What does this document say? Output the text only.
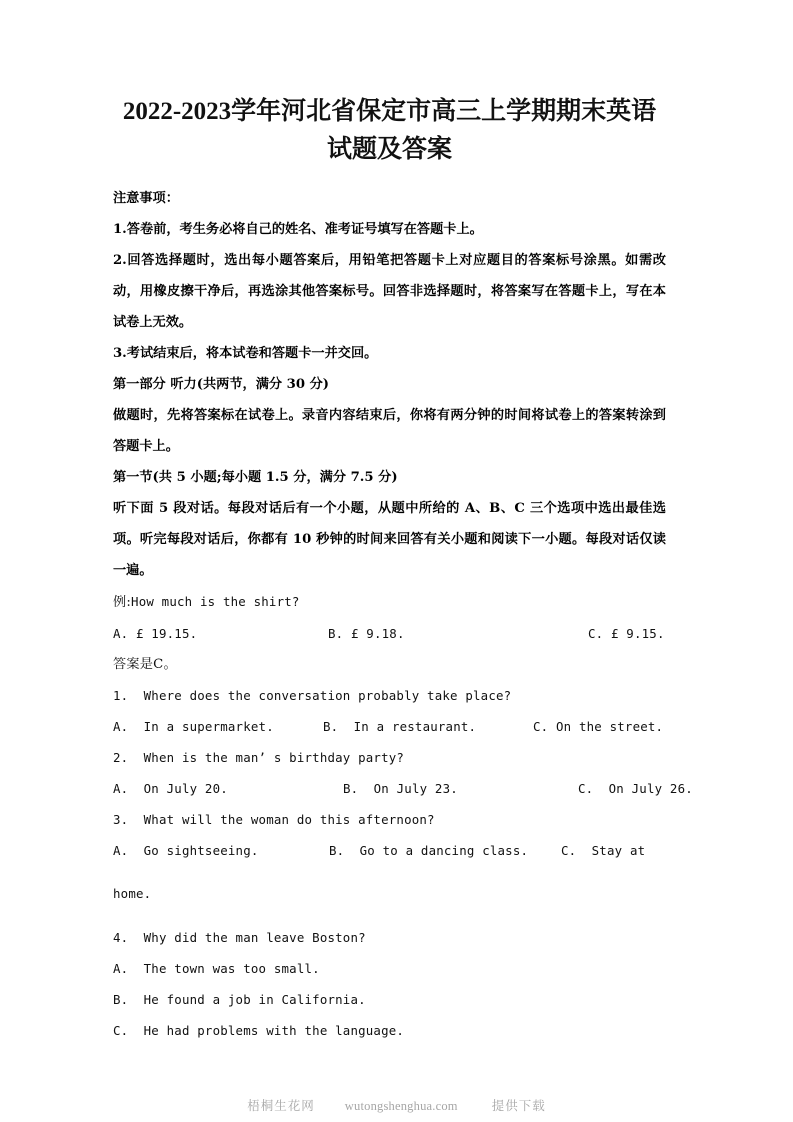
2022-2023学年河北省保定市高三上学期期末英语试题及答案

注意事项：

1.答卷前，考生务必将自己的姓名、准考证号填写在答题卡上。

2.回答选择题时，选出每小题答案后，用铅笔把答题卡上对应题目的答案标号涂黑。如需改动，用橡皮擦干净后，再选涂其他答案标号。回答非选择题时，将答案写在答题卡上，写在本试卷上无效。

3.考试结束后，将本试卷和答题卡一并交回。

第一部分 听力(共两节，满分 30 分)

做题时，先将答案标在试卷上。录音内容结束后，你将有两分钟的时间将试卷上的答案转涂到答题卡上。

第一节(共 5 小题;每小题 1.5 分，满分 7.5 分)

听下面 5 段对话。每段对话后有一个小题，从题中所给的 A、B、C 三个选项中选出最佳选项。听完每段对话后，你都有 10 秒钟的时间来回答有关小题和阅读下一小题。每段对话仅读一遍。

例:How much is the shirt?

A. £ 19.15.	B. £ 9.18.	C. £ 9.15.

答案是C。

1.  Where does the conversation probably take place?

A.  In a supermarket.	B.  In a restaurant.	C. On the street.

2.  When is the man’ s birthday party?

A.  On July 20.	B.  On July 23.	C.  On July 26.

3.  What will the woman do this afternoon?

A.  Go sightseeing.	B.  Go to a dancing class.	C.  Stay at

home.

4.  Why did the man leave Boston?

A.  The town was too small.

B.  He found a job in California.

C.  He had problems with the language.

梧桐生花网 wutongshenghua.com	提供下载
